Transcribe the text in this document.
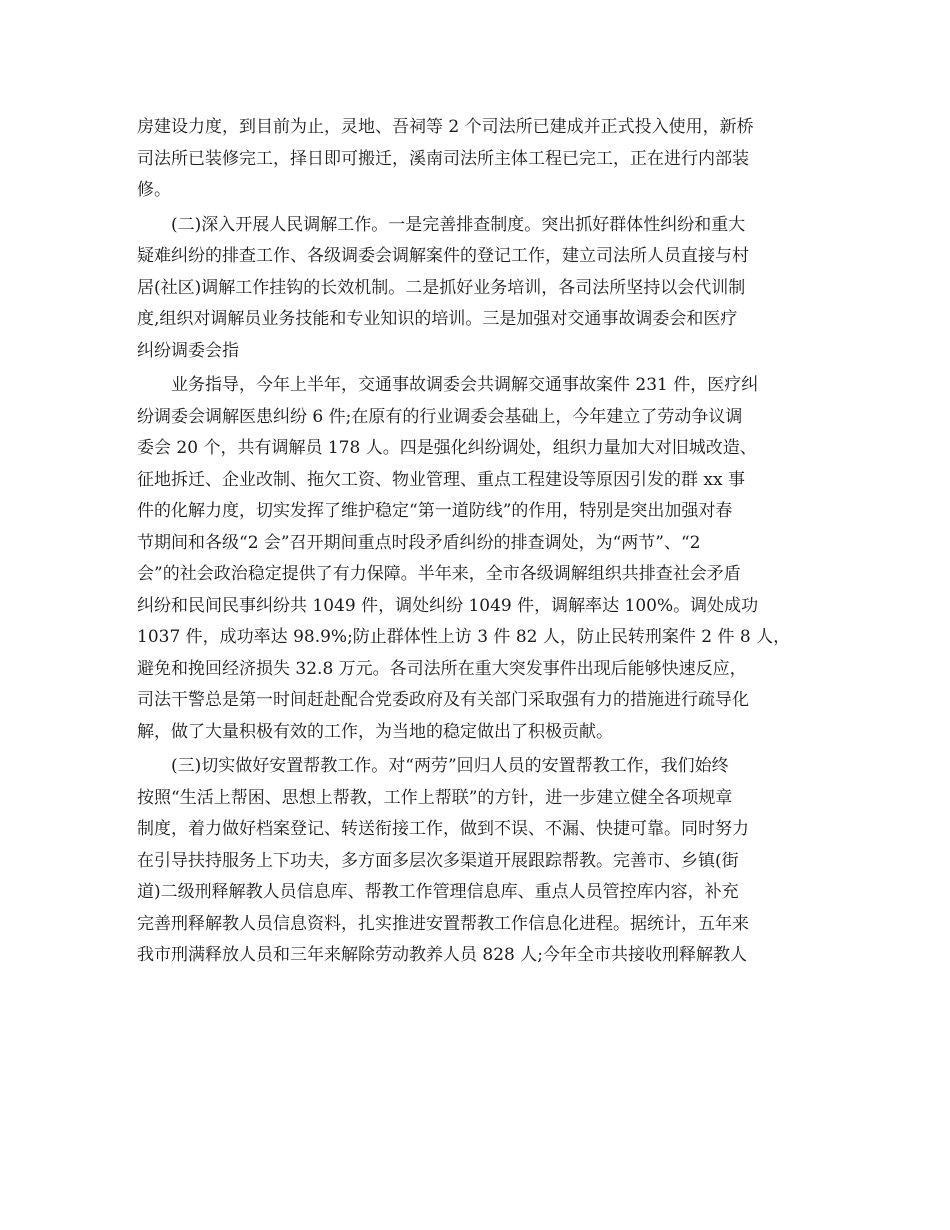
房建设力度，到目前为止，灵地、吾祠等 2 个司法所已建成并正式投入使用，新桥
司法所已装修完工，择日即可搬迁，溪南司法所主体工程已完工，正在进行内部装
修。
(二)深入开展人民调解工作。一是完善排查制度。突出抓好群体性纠纷和重大
疑难纠纷的排查工作、各级调委会调解案件的登记工作，建立司法所人员直接与村
居(社区)调解工作挂钩的长效机制。二是抓好业务培训，各司法所坚持以会代训制
度,组织对调解员业务技能和专业知识的培训。三是加强对交通事故调委会和医疗
纠纷调委会指
业务指导，今年上半年，交通事故调委会共调解交通事故案件 231 件，医疗纠
纷调委会调解医患纠纷 6 件;在原有的行业调委会基础上，今年建立了劳动争议调
委会 20 个，共有调解员 178 人。四是强化纠纷调处，组织力量加大对旧城改造、
征地拆迁、企业改制、拖欠工资、物业管理、重点工程建设等原因引发的群 xx 事
件的化解力度，切实发挥了维护稳定“第一道防线”的作用，特别是突出加强对春
节期间和各级“2 会”召开期间重点时段矛盾纠纷的排查调处，为“两节”、“2
会”的社会政治稳定提供了有力保障。半年来，全市各级调解组织共排查社会矛盾
纠纷和民间民事纠纷共 1049 件，调处纠纷 1049 件，调解率达 100%。调处成功
1037 件，成功率达 98.9%;防止群体性上访 3 件 82 人，防止民转刑案件 2 件 8 人，
避免和挽回经济损失 32.8 万元。各司法所在重大突发事件出现后能够快速反应，
司法干警总是第一时间赶赴配合党委政府及有关部门采取强有力的措施进行疏导化
解，做了大量积极有效的工作，为当地的稳定做出了积极贡献。
(三)切实做好安置帮教工作。对“两劳”回归人员的安置帮教工作，我们始终
按照“生活上帮困、思想上帮教，工作上帮联”的方针，进一步建立健全各项规章
制度，着力做好档案登记、转送衔接工作，做到不误、不漏、快捷可靠。同时努力
在引导扶持服务上下功夫，多方面多层次多渠道开展跟踪帮教。完善市、乡镇(街
道)二级刑释解教人员信息库、帮教工作管理信息库、重点人员管控库内容，补充
完善刑释解教人员信息资料，扎实推进安置帮教工作信息化进程。据统计，五年来
我市刑满释放人员和三年来解除劳动教养人员 828 人;今年全市共接收刑释解教人
